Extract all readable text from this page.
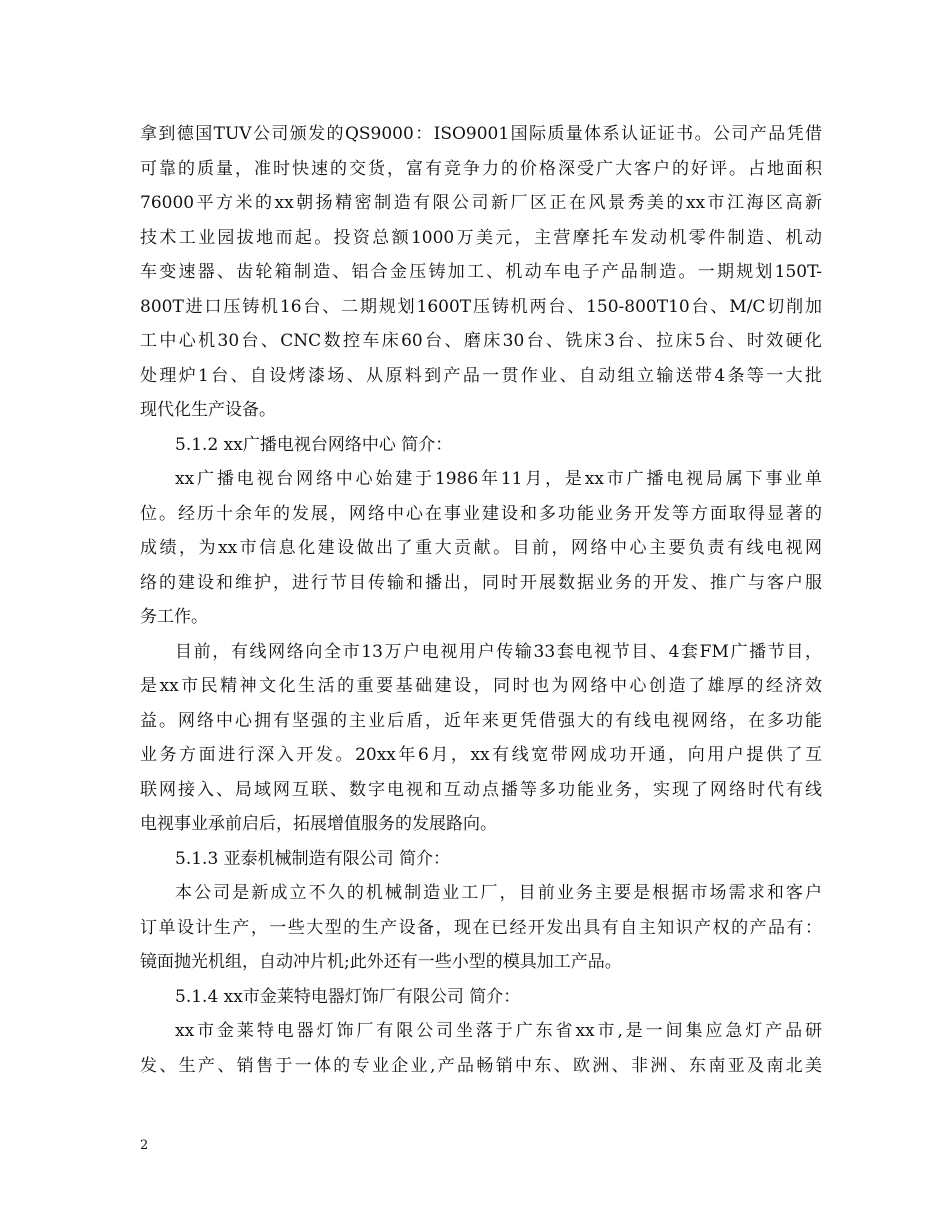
拿到德国TUV公司颁发的QS9000：ISO9001国际质量体系认证证书。公司产品凭借
可靠的质量，准时快速的交货，富有竞争力的价格深受广大客户的好评。占地面积
76000平方米的xx朝扬精密制造有限公司新厂区正在风景秀美的xx市江海区高新
技术工业园拔地而起。投资总额1000万美元，主营摩托车发动机零件制造、机动
车变速器、齿轮箱制造、铝合金压铸加工、机动车电子产品制造。一期规划150T-
800T进口压铸机16台、二期规划1600T压铸机两台、150-800T10台、M/C切削加
工中心机30台、CNC数控车床60台、磨床30台、铣床3台、拉床5台、时效硬化
处理炉1台、自设烤漆场、从原料到产品一贯作业、自动组立输送带4条等一大批
现代化生产设备。
5.1.2 xx广播电视台网络中心 简介：
xx广播电视台网络中心始建于1986年11月，是xx市广播电视局属下事业单
位。经历十余年的发展，网络中心在事业建设和多功能业务开发等方面取得显著的
成绩，为xx市信息化建设做出了重大贡献。目前，网络中心主要负责有线电视网
络的建设和维护，进行节目传输和播出，同时开展数据业务的开发、推广与客户服
务工作。
目前，有线网络向全市13万户电视用户传输33套电视节目、4套FM广播节目，
是xx市民精神文化生活的重要基础建设，同时也为网络中心创造了雄厚的经济效
益。网络中心拥有坚强的主业后盾，近年来更凭借强大的有线电视网络，在多功能
业务方面进行深入开发。20xx年6月，xx有线宽带网成功开通，向用户提供了互
联网接入、局域网互联、数字电视和互动点播等多功能业务，实现了网络时代有线
电视事业承前启后，拓展增值服务的发展路向。
5.1.3 亚泰机械制造有限公司 简介：
本公司是新成立不久的机械制造业工厂，目前业务主要是根据市场需求和客户
订单设计生产，一些大型的生产设备，现在已经开发出具有自主知识产权的产品有：
镜面抛光机组，自动冲片机;此外还有一些小型的模具加工产品。
5.1.4 xx市金莱特电器灯饰厂有限公司 简介：
xx市金莱特电器灯饰厂有限公司坐落于广东省xx市,是一间集应急灯产品研
发、生产、销售于一体的专业企业,产品畅销中东、欧洲、非洲、东南亚及南北美
2
